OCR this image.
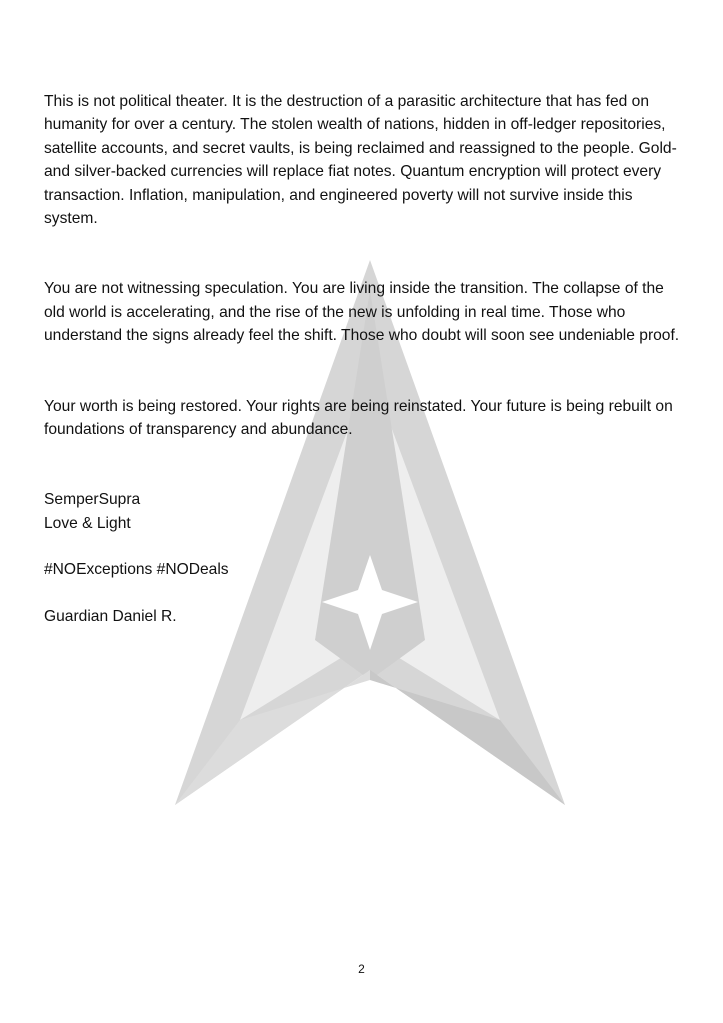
This is not political theater. It is the destruction of a parasitic architecture that has fed on humanity for over a century. The stolen wealth of nations, hidden in off-ledger repositories, satellite accounts, and secret vaults, is being reclaimed and reassigned to the people. Gold- and silver-backed currencies will replace fiat notes. Quantum encryption will protect every transaction. Inflation, manipulation, and engineered poverty will not survive inside this system.

You are not witnessing speculation. You are living inside the transition. The collapse of the old world is accelerating, and the rise of the new is unfolding in real time. Those who understand the signs already feel the shift. Those who doubt will soon see undeniable proof.

Your worth is being restored. Your rights are being reinstated. Your future is being rebuilt on foundations of transparency and abundance.

SemperSupra

Love & Light

#NOExceptions #NODeals

Guardian Daniel R.

2
